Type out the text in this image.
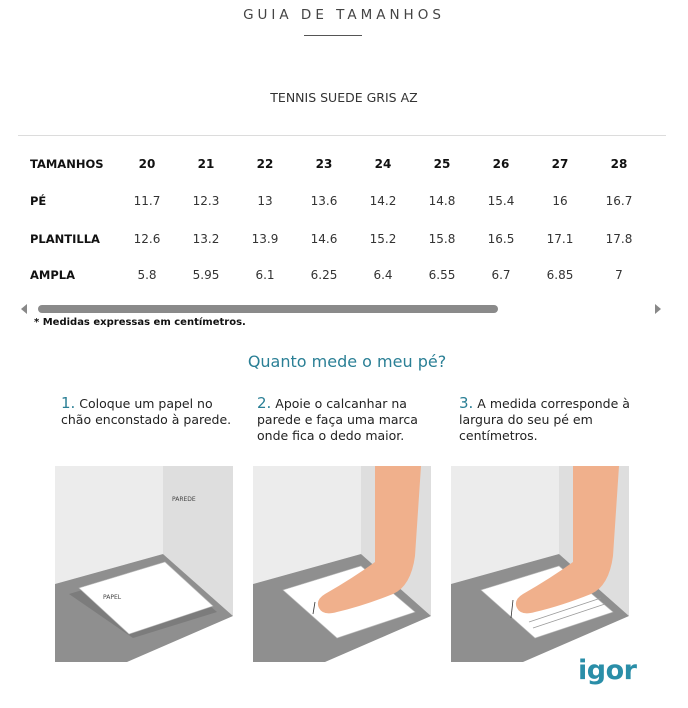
GUIA DE TAMANHOS
TENNIS SUEDE GRIS AZ
TAMANHOS	20	21	22	23	24	25	26	27	28
PÉ	11.7	12.3	13	13.6	14.2	14.8	15.4	16	16.7
PLANTILLA	12.6	13.2	13.9	14.6	15.2	15.8	16.5	17.1	17.8
AMPLA	5.8	5.95	6.1	6.25	6.4	6.55	6.7	6.85	7
* Medidas expressas em centímetros.
Quanto mede o meu pé?
1. Coloque um papel no chão enconstado à parede.
2. Apoie o calcanhar na parede e faça uma marca onde fica o dedo maior.
3. A medida corresponde à largura do seu pé em centímetros.
PAREDE
PAPEL
igor
